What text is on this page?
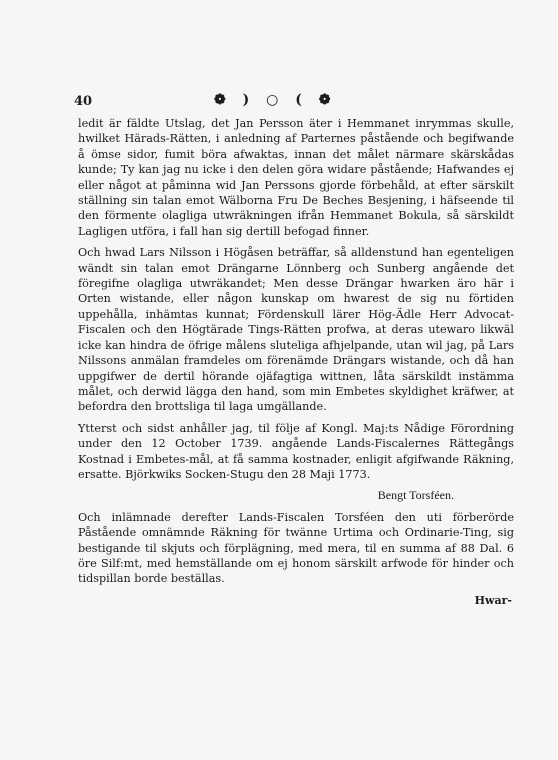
40	❁ ) ○ ( ❁

ledit är fäldte Utslag, det Jan Persson äter i Hemmanet inrymmas skulle, hwilket Härads-Rätten, i anledning af Parternes påstående och begifwande å ömse sidor, fumit böra afwaktas, innan det målet närmare skärskådas kunde; Ty kan jag nu icke i den delen göra widare påstående; Hafwandes ej eller något at påminna wid Jan Perssons gjorde förbehåld, at efter särskilt ställning sin talan emot Wälborna Fru De Beches Besjening, i häfseende til den förmente olagliga utwräkningen ifrån Hemmanet Bokula, så särskildt Lagligen utföra, i fall han sig dertill befogad finner.

Och hwad Lars Nilsson i Högåsen beträffar, så alldenstund han egenteligen wändt sin talan emot Drängarne Lönnberg och Sunberg angående det föregifne olagliga utwräkandet; Men desse Drängar hwarken äro här i Orten wistande, eller någon kunskap om hwarest de sig nu förtiden uppehålla, inhämtas kunnat; Fördenskull lärer Hög-Ädle Herr Advocat-Fiscalen och den Högtärade Tings-Rätten profwa, at deras utewaro likwäl icke kan hindra de öfrige målens sluteliga afhjelpande, utan wil jag, på Lars Nilssons anmälan framdeles om förenämde Drängars wistande, och då han uppgifwer de dertil hörande ojäfagtiga wittnen, låta särskildt instämma målet, och derwid lägga den hand, som min Embetes skyldighet kräfwer, at befordra den brottsliga til laga umgällande.

Ytterst och sidst anhåller jag, til följe af Kongl. Maj:ts Nådige Förordning under den 12 October 1739. angående Lands-Fiscalernes Rättegångs Kostnad i Embetes-mål, at få samma kostnader, enligit afgifwande Räkning, ersatte. Björkwiks Socken-Stugu den 28 Maji 1773.

Bengt Torsféen.

Och inlämnade derefter Lands-Fiscalen Torsféen den uti förberörde Påstående omnämnde Räkning för twänne Urtima och Ordinarie-Ting, sig bestigande til skjuts och förplägning, med mera, til en summa af 88 Dal. 6 öre Silf:mt, med hemställande om ej honom särskilt arfwode för hinder och tidspillan borde beställas.

Hwar-
